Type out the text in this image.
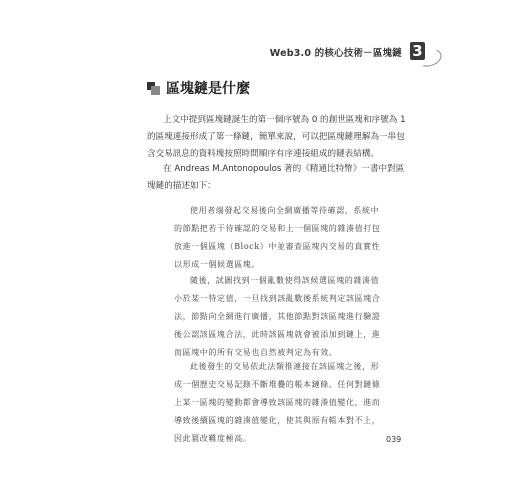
Web3.0 的核心技術－區塊鏈 3
區塊鏈是什麼
上文中提到區塊鏈誕生的第一個序號為 0 的創世區塊和序號為 1 的區塊連接形成了第一條鏈，簡單來說，可以把區塊鏈理解為一串包含交易訊息的資料塊按照時間順序有序連接組成的鏈表結構。
在 Andreas M.Antonopoulos 著的《精通比特幣》一書中對區塊鏈的描述如下：
使用者端發起交易後向全網廣播等待確認，系統中的節點把若干待確認的交易和上一個區塊的雜湊值打包放進一個區塊（Block）中並審查區塊內交易的真實性以形成一個候選區塊。
隨後，試圖找到一個亂數使得該候選區塊的雜湊值小於某一特定值，一旦找到該亂數後系統判定該區塊合法，節點向全網進行廣播，其他節點對該區塊進行驗證後公認該區塊合法，此時該區塊就會被添加到鏈上，進而區塊中的所有交易也自然被判定為有效。
此後發生的交易依此法類推連接在該區塊之後，形成一個歷史交易記錄不斷堆疊的帳本鏈條。任何對鏈條上某一區塊的變動都會導致該區塊的雜湊值變化，進而導致後續區塊的雜湊值變化，使其與原有帳本對不上，因此篡改難度極高。	039
